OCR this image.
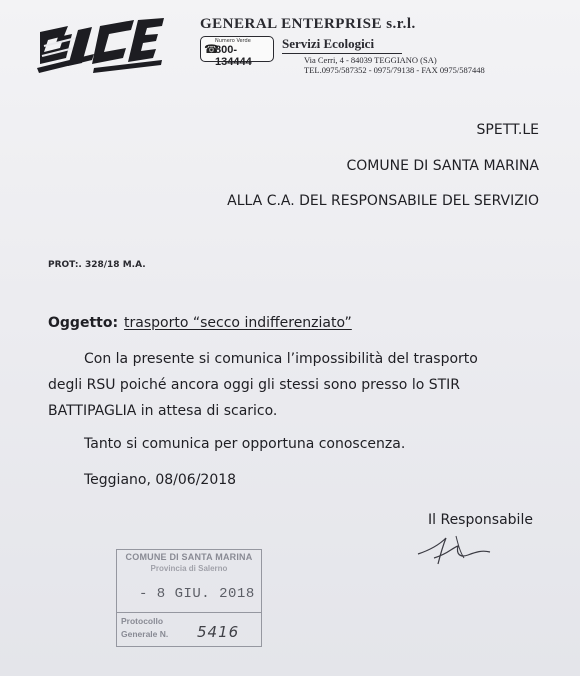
GENERAL ENTERPRISE s.r.l.
Numero Verde
☎
800-134444
Servizi Ecologici
Via Cerri, 4 - 84039 TEGGIANO (SA)
TEL.0975/587352 - 0975/79138 - FAX 0975/587448
SPETT.LE
COMUNE DI SANTA MARINA
ALLA C.A. DEL RESPONSABILE DEL SERVIZIO
PROT:. 328/18 M.A.
Oggetto: trasporto “secco indifferenziato”
Con la presente si comunica l’impossibilità del trasporto
degli RSU poiché ancora oggi gli stessi sono presso lo STIR
BATTIPAGLIA in attesa di scarico.
Tanto si comunica per opportuna conoscenza.
Teggiano, 08/06/2018
Il Responsabile
COMUNE DI SANTA MARINA
Provincia di Salerno
- 8 GIU. 2018
Protocollo
Generale N. 5416
